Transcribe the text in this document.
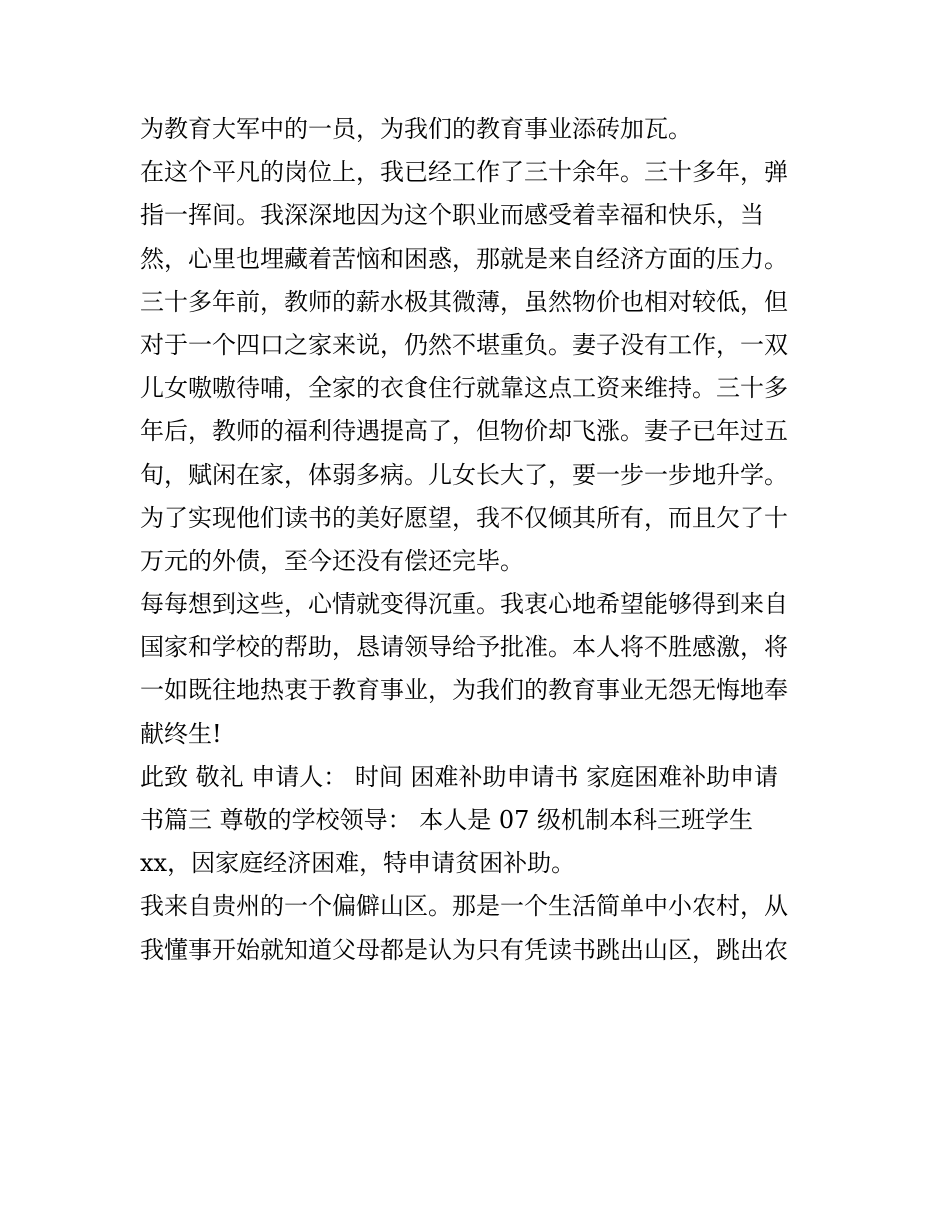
为教育大军中的一员，为我们的教育事业添砖加瓦。
在这个平凡的岗位上，我已经工作了三十余年。三十多年，弹
指一挥间。我深深地因为这个职业而感受着幸福和快乐，当
然，心里也埋藏着苦恼和困惑，那就是来自经济方面的压力。
三十多年前，教师的薪水极其微薄，虽然物价也相对较低，但
对于一个四口之家来说，仍然不堪重负。妻子没有工作，一双
儿女嗷嗷待哺，全家的衣食住行就靠这点工资来维持。三十多
年后，教师的福利待遇提高了，但物价却飞涨。妻子已年过五
旬，赋闲在家，体弱多病。儿女长大了，要一步一步地升学。
为了实现他们读书的美好愿望，我不仅倾其所有，而且欠了十
万元的外债，至今还没有偿还完毕。
每每想到这些，心情就变得沉重。我衷心地希望能够得到来自
国家和学校的帮助，恳请领导给予批准。本人将不胜感激，将
一如既往地热衷于教育事业，为我们的教育事业无怨无悔地奉
献终生!
此致 敬礼 申请人： 时间 困难补助申请书 家庭困难补助申请
书篇三 尊敬的学校领导： 本人是 07 级机制本科三班学生
xx，因家庭经济困难，特申请贫困补助。
我来自贵州的一个偏僻山区。那是一个生活简单中小农村，从
我懂事开始就知道父母都是认为只有凭读书跳出山区，跳出农
